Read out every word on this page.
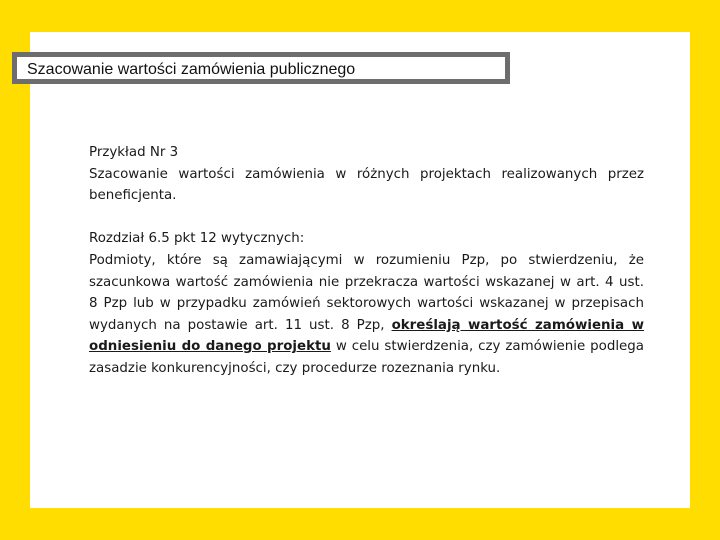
Szacowanie wartości zamówienia publicznego

Przykład Nr 3

Szacowanie wartości zamówienia w różnych projektach realizowanych przez beneficjenta.

Rozdział 6.5 pkt 12 wytycznych:

Podmioty, które są zamawiającymi w rozumieniu Pzp, po stwierdzeniu, że szacunkowa wartość zamówienia nie przekracza wartości wskazanej w art. 4 ust. 8 Pzp lub w przypadku zamówień sektorowych wartości wskazanej w przepisach wydanych na postawie art. 11 ust. 8 Pzp, określają wartość zamówienia w odniesieniu do danego projektu w celu stwierdzenia, czy zamówienie podlega zasadzie konkurencyjności, czy procedurze rozeznania rynku.
